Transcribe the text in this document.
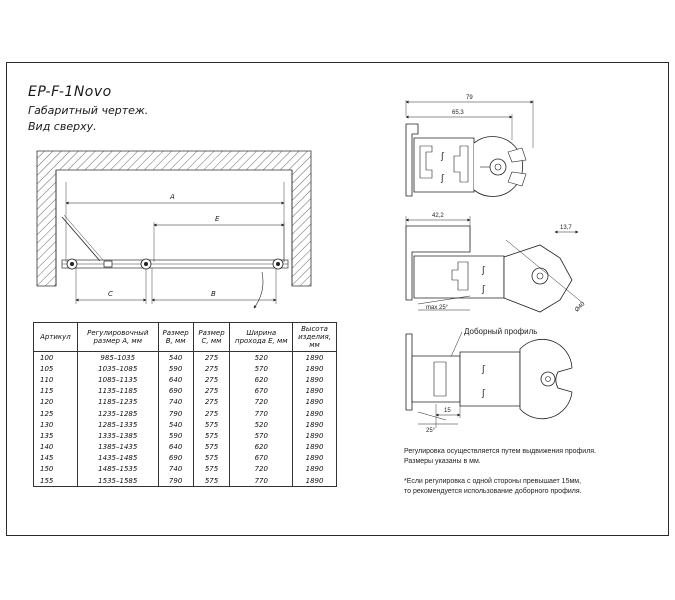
EP-F-1Novo
Габаритный чертеж.
Вид сверху.
A
E
C	B
79
65,3
ʃ
ʃ
42,2
13,7
ʃ
ʃ
Ø40
max 25°
Доборный профиль
ʃ
ʃ
15
25°
Артикул	Регулировочный размер А, мм	Размер В, мм	Размер С, мм	Ширина прохода Е, мм	Высота изделия, мм
100	985–1035	540	275	520	1890
105	1035–1085	590	275	570	1890
110	1085–1135	640	275	620	1890
115	1135–1185	690	275	670	1890
120	1185–1235	740	275	720	1890
125	1235–1285	790	275	770	1890
130	1285–1335	540	575	520	1890
135	1335–1385	590	575	570	1890
140	1385–1435	640	575	620	1890
145	1435–1485	690	575	670	1890
150	1485–1535	740	575	720	1890
155	1535–1585	790	575	770	1890
Регулировка осуществляется путем выдвижения профиля.
Размеры указаны в мм.
*Если регулировка с одной стороны превышает 15мм,
то рекомендуется использование доборного профиля.
